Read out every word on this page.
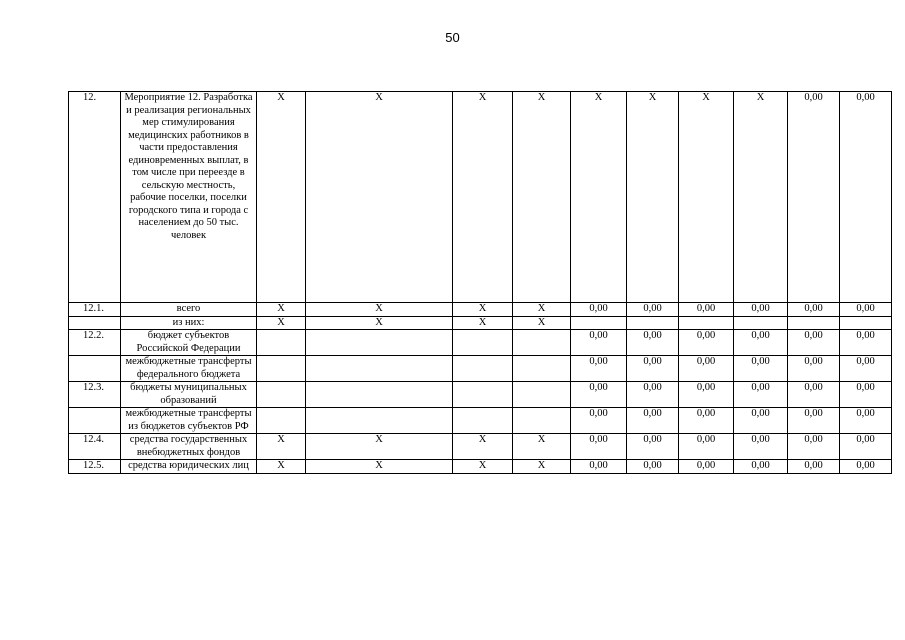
50
12.	Мероприятие 12. Разработка и реализация региональных мер стимулирования медицинских работников в части предоставления единовременных выплат, в том числе при переезде в сельскую местность, рабочие поселки, поселки городского типа и города с населением до 50 тыс. человек	X	X	X	X	X	X	X	X	0,00	0,00
12.1.	всего	X	X	X	X	0,00	0,00	0,00	0,00	0,00	0,00
	из них:	X	X	X	X						
12.2.	бюджет субъектов Российской Федерации					0,00	0,00	0,00	0,00	0,00	0,00
	межбюджетные трансферты федерального бюджета					0,00	0,00	0,00	0,00	0,00	0,00
12.3.	бюджеты муниципальных образований					0,00	0,00	0,00	0,00	0,00	0,00
	межбюджетные трансферты из бюджетов субъектов РФ					0,00	0,00	0,00	0,00	0,00	0,00
12.4.	средства государственных внебюджетных фондов	X	X	X	X	0,00	0,00	0,00	0,00	0,00	0,00
12.5.	средства юридических лиц	X	X	X	X	0,00	0,00	0,00	0,00	0,00	0,00
